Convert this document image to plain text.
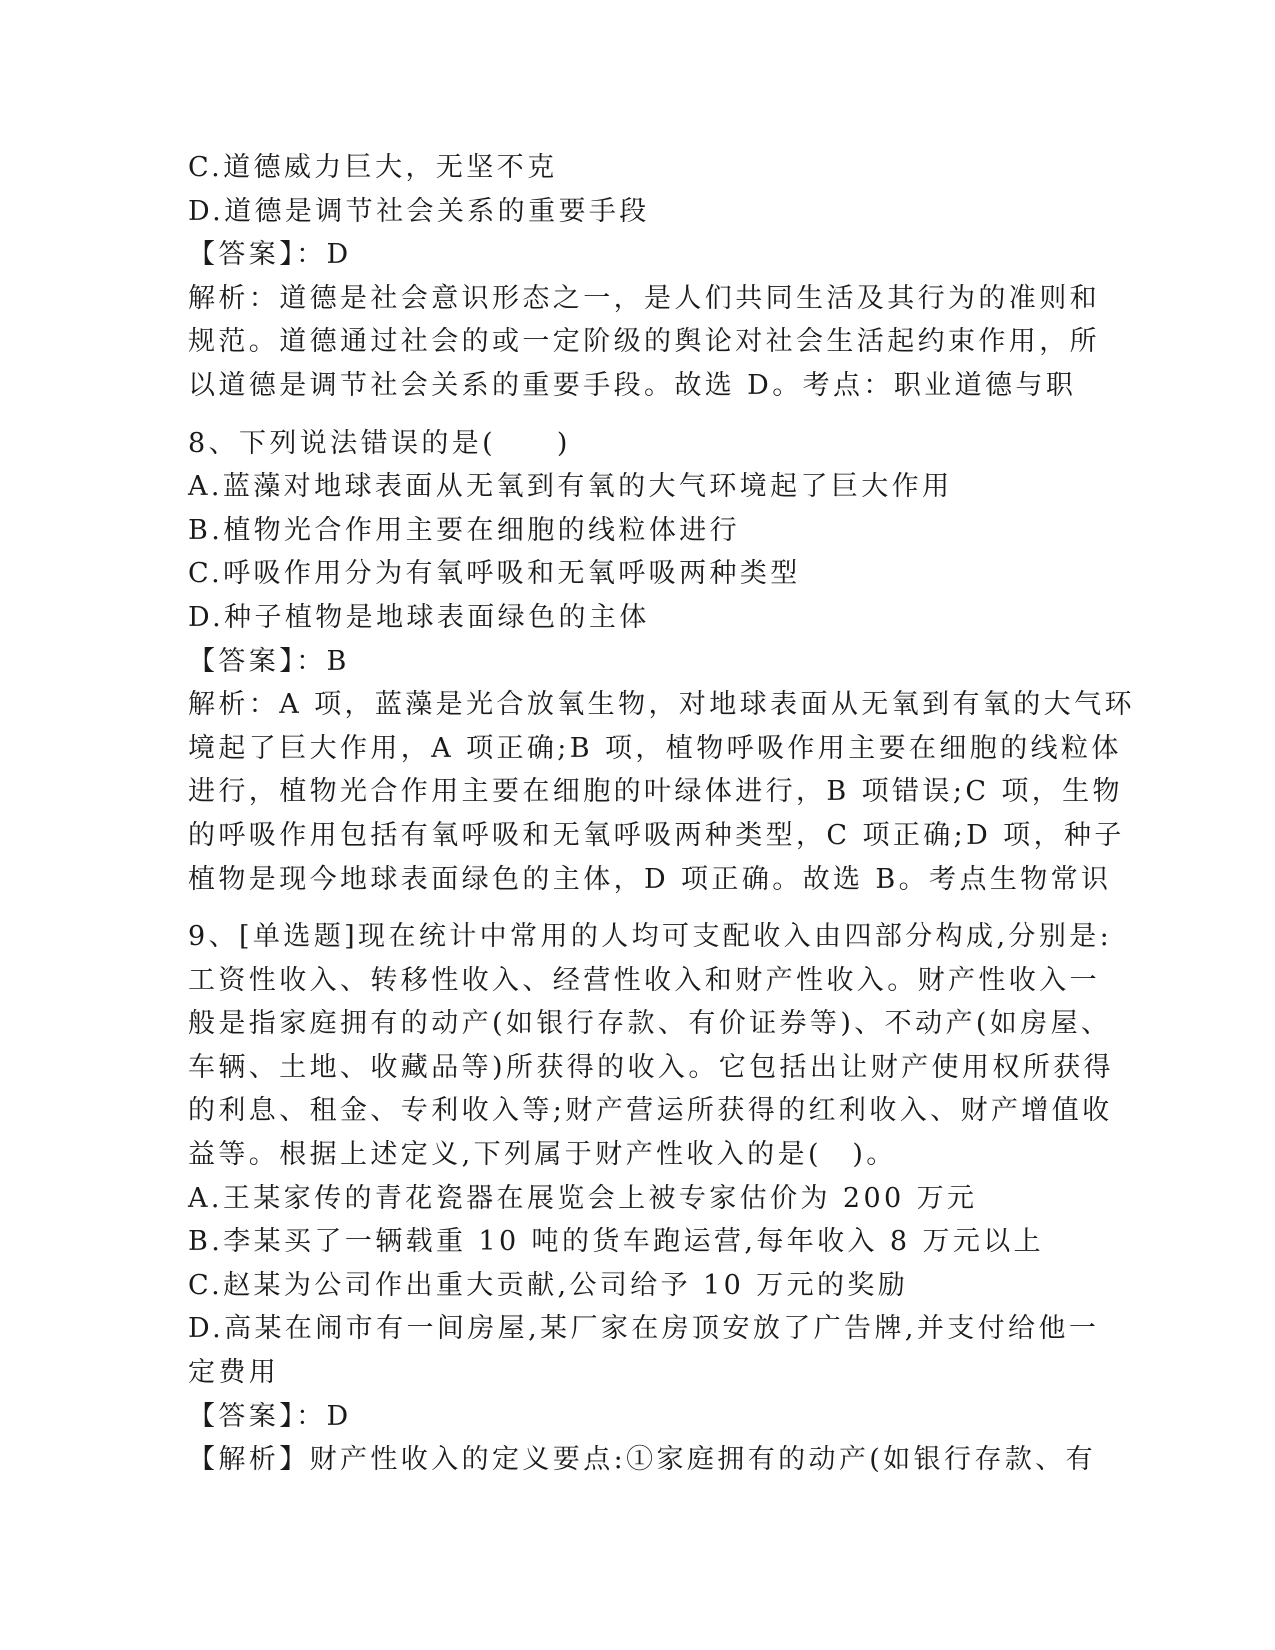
C.道德威力巨大，无坚不克
D.道德是调节社会关系的重要手段
【答案】：D
解析：道德是社会意识形态之一，是人们共同生活及其行为的准则和
规范。道德通过社会的或一定阶级的舆论对社会生活起约束作用，所
以道德是调节社会关系的重要手段。故选 D。考点：职业道德与职
8、下列说法错误的是(　　)
A.蓝藻对地球表面从无氧到有氧的大气环境起了巨大作用
B.植物光合作用主要在细胞的线粒体进行
C.呼吸作用分为有氧呼吸和无氧呼吸两种类型
D.种子植物是地球表面绿色的主体
【答案】：B
解析：A 项，蓝藻是光合放氧生物，对地球表面从无氧到有氧的大气环
境起了巨大作用，A 项正确;B 项，植物呼吸作用主要在细胞的线粒体
进行，植物光合作用主要在细胞的叶绿体进行，B 项错误;C 项，生物
的呼吸作用包括有氧呼吸和无氧呼吸两种类型，C 项正确;D 项，种子
植物是现今地球表面绿色的主体，D 项正确。故选 B。考点生物常识
9、[单选题]现在统计中常用的人均可支配收入由四部分构成,分别是:
工资性收入、转移性收入、经营性收入和财产性收入。财产性收入一
般是指家庭拥有的动产(如银行存款、有价证券等)、不动产(如房屋、
车辆、土地、收藏品等)所获得的收入。它包括出让财产使用权所获得
的利息、租金、专利收入等;财产营运所获得的红利收入、财产增值收
益等。根据上述定义,下列属于财产性收入的是(　)。
A.王某家传的青花瓷器在展览会上被专家估价为 200 万元
B.李某买了一辆载重 10 吨的货车跑运营,每年收入 8 万元以上
C.赵某为公司作出重大贡献,公司给予 10 万元的奖励
D.高某在闹市有一间房屋,某厂家在房顶安放了广告牌,并支付给他一
定费用
【答案】：D
【解析】财产性收入的定义要点:①家庭拥有的动产(如银行存款、有
